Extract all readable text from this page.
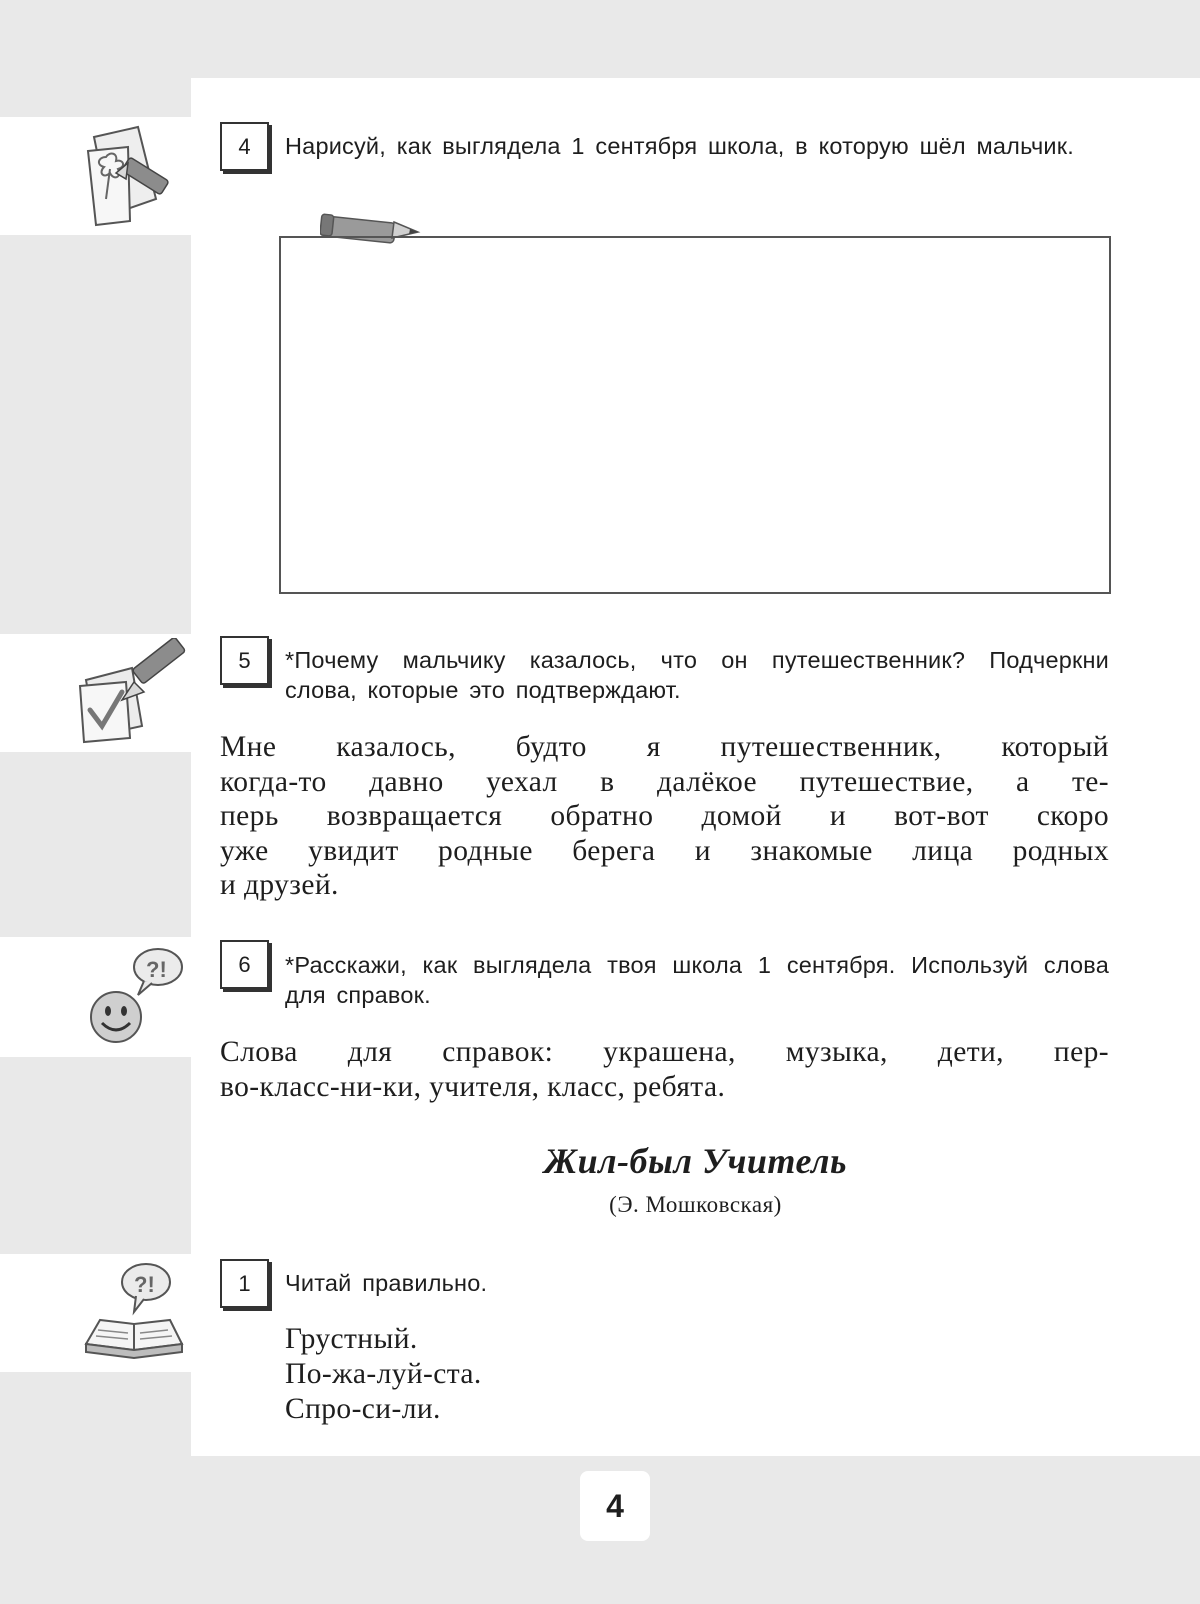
?!
?!
4	Нарисуй, как выглядела 1 сентября школа, в которую шёл мальчик.
5	*Почему мальчику казалось, что он путешественник? Подчеркни слова, которые это подтверждают.
Мне казалось, будто я путешественник, который
когда-то давно уехал в далёкое путешествие, а те-
перь возвращается обратно домой и вот-вот скоро
уже увидит родные берега и знакомые лица родных
и друзей.
6	*Расскажи, как выглядела твоя школа 1 сентября. Используй слова для справок.
Слова для справок: украшена, музыка, дети, пер-
во-класс-ни-ки, учителя, класс, ребята.
Жил-был Учитель
(Э. Мошковская)
1	Читай правильно.
Грустный.
По-жа-луй-ста.
Спро-си-ли.
4
